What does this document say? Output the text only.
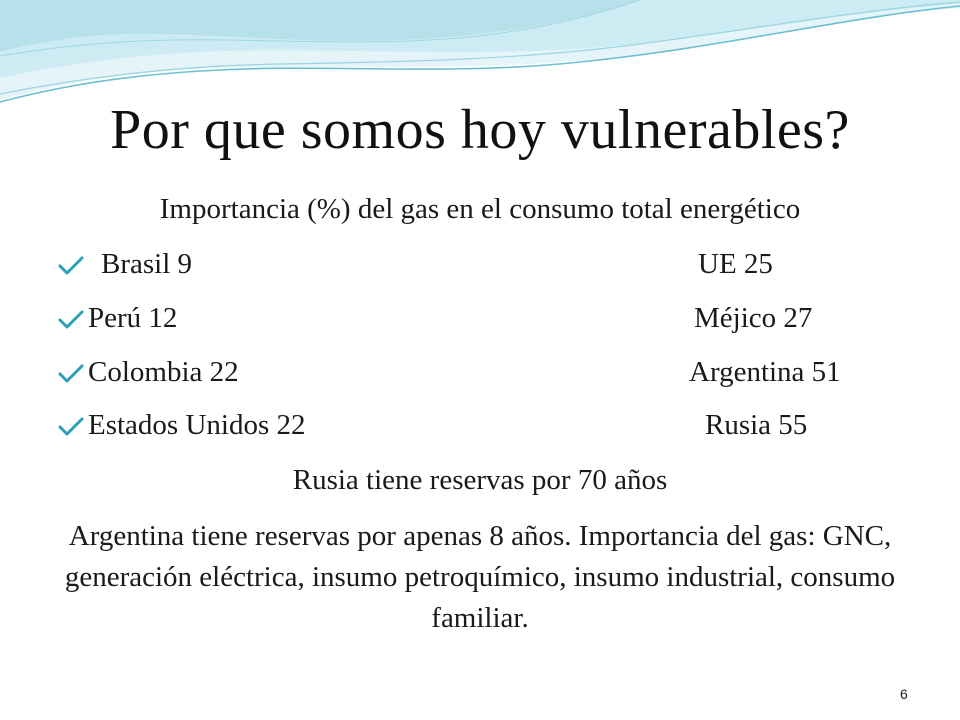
Por que somos hoy vulnerables?
Importancia (%) del gas en el consumo total energético
Brasil 9	UE 25
Perú 12	Méjico 27
Colombia 22	Argentina 51
Estados Unidos 22	Rusia 55
Rusia tiene reservas por 70 años
Argentina tiene reservas por apenas 8 años. Importancia del gas: GNC, generación eléctrica, insumo petroquímico, insumo industrial, consumo familiar.
6
